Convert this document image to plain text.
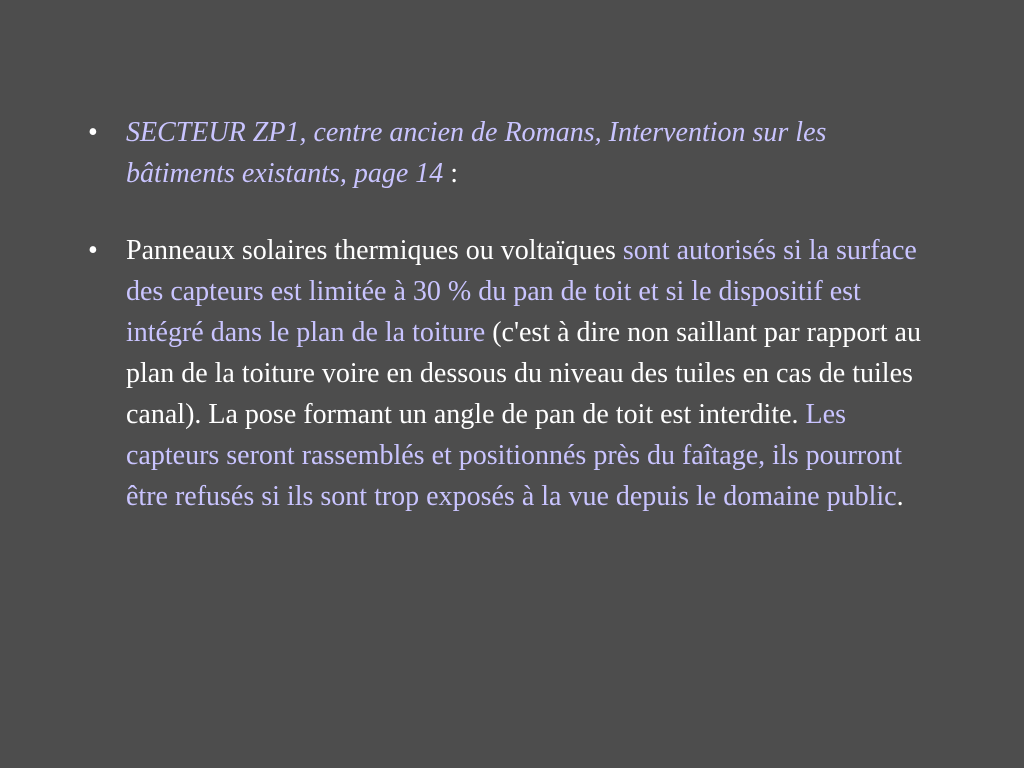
• SECTEUR ZP1, centre ancien de Romans, Intervention sur les bâtiments existants, page 14 :
• Panneaux solaires thermiques ou voltaïques sont autorisés si la surface des capteurs est limitée à 30 % du pan de toit et si le dispositif est intégré dans le plan de la toiture (c'est à dire non saillant par rapport au plan de la toiture voire en dessous du niveau des tuiles en cas de tuiles canal). La pose formant un angle de pan de toit est interdite. Les capteurs seront rassemblés et positionnés près du faîtage, ils pourront être refusés si ils sont trop exposés à la vue depuis le domaine public.
